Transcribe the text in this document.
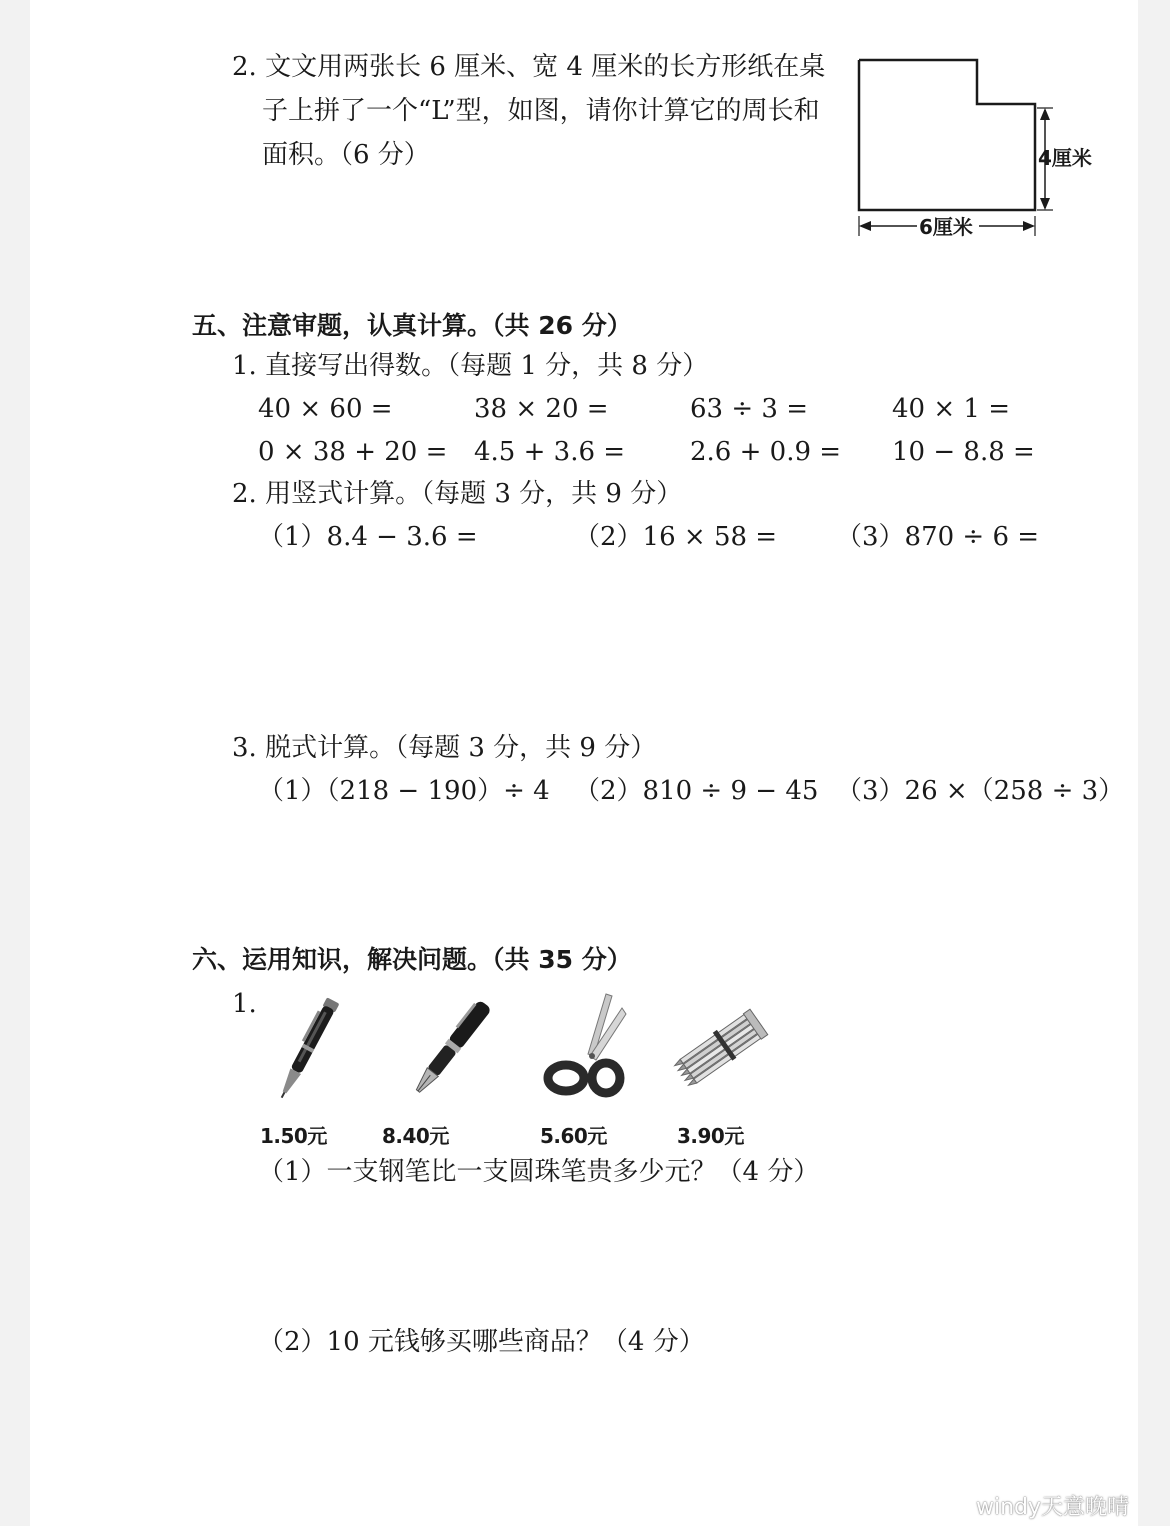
2. 文文用两张长 6 厘米、宽 4 厘米的长方形纸在桌
子上拼了一个“L”型，如图，请你计算它的周长和
面积。（6 分）	4厘米
6厘米
五、注意审题，认真计算。（共 26 分）
1. 直接写出得数。（每题 1 分，共 8 分）
40 × 60 =	38 × 20 =	63 ÷ 3 =	40 × 1 =
0 × 38 + 20 = 4.5 + 3.6 = 2.6 + 0.9 = 10 − 8.8 =
2. 用竖式计算。（每题 3 分，共 9 分）
（1）8.4 − 3.6 =	（2）16 × 58 = （3）870 ÷ 6 =
3. 脱式计算。（每题 3 分，共 9 分）
（1）（218 − 190）÷ 4 （2）810 ÷ 9 − 45 （3）26 ×（258 ÷ 3）
六、运用知识，解决问题。（共 35 分）
1.
1.50元	8.40元	5.60元	3.90元
（1）一支钢笔比一支圆珠笔贵多少元？（4 分）
（2）10 元钱够买哪些商品？（4 分）
windy天意晚晴
